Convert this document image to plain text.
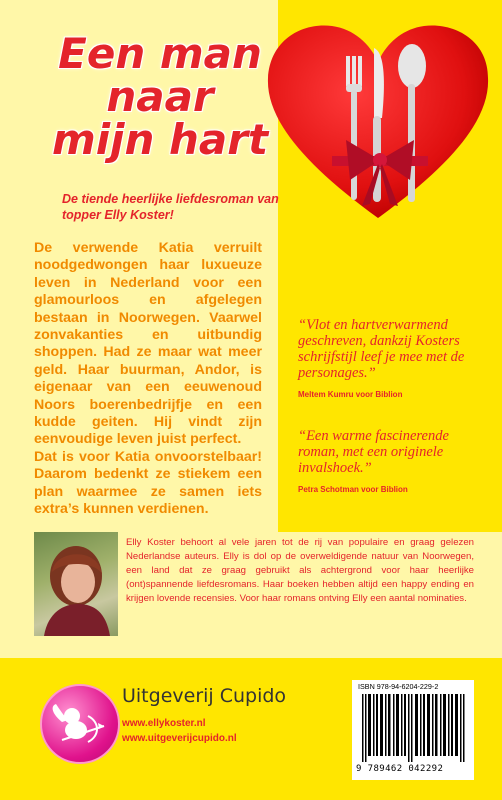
Een man
naar
mijn hart
De tiende heerlijke liefdesroman van topper Elly Koster!

De verwende Katia verruilt noodgedwongen haar luxueuze leven in Nederland voor een glamourloos en afgelegen bestaan in Noorwegen. Vaarwel zonvakanties en uitbundig shoppen. Had ze maar wat meer geld. Haar buurman, Andor, is eigenaar van een eeuwenoud Noors boerenbedrijfje en een kudde geiten. Hij vindt zijn eenvoudige leven juist perfect.

Dat is voor Katia onvoorstelbaar! Daarom bedenkt ze stiekem een plan waarmee ze samen iets extra’s kunnen verdienen.

“Vlot en hartverwarmend geschreven, dankzij Kosters schrijfstijl leef je mee met de personages.”
Meltem Kumru voor Biblion
“Een warme fascinerende roman, met een originele invalshoek.”
Petra Schotman voor Biblion
Elly Koster behoort al vele jaren tot de rij van populaire en graag gelezen Nederlandse auteurs. Elly is dol op de overweldigende natuur van Noorwegen, een land dat ze graag gebruikt als achtergrond voor haar heerlijke (ont)spannende liefdesromans. Haar boeken hebben altijd een happy ending en krijgen lovende recensies. Voor haar romans ontving Elly een aantal nominaties.
Uitgeverij Cupido
www.ellykoster.nl
www.uitgeverijcupido.nl
ISBN 978-94-6204-229-2
9 789462 042292
